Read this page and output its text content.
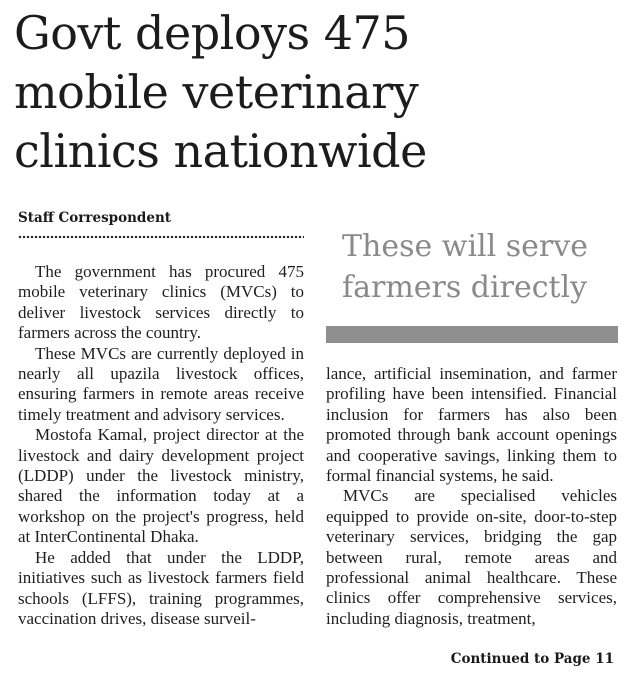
Govt deploys 475
mobile veterinary
clinics nationwide
Staff Correspondent

The government has procured 475 mobile veterinary clinics (MVCs) to deliver livestock services directly to farmers across the country.

These MVCs are currently deployed in nearly all upazila livestock offices, ensuring farmers in remote areas receive timely treatment and advisory services.

Mostofa Kamal, project director at the livestock and dairy development project (LDDP) under the livestock ministry, shared the information today at a workshop on the project's progress, held at InterContinental Dhaka.

He added that under the LDDP, initiatives such as livestock farmers field schools (LFFS), training programmes, vaccination drives, disease surveil-

These will serve
farmers directly

lance, artificial insemination, and farmer profiling have been intensified. Financial inclusion for farmers has also been promoted through bank account openings and cooperative savings, linking them to formal financial systems, he said.

MVCs are specialised vehicles equipped to provide on-site, door-to-step veterinary services, bridging the gap between rural, remote areas and professional animal healthcare. These clinics offer comprehensive services, including diagnosis, treatment,

Continued to Page 11
